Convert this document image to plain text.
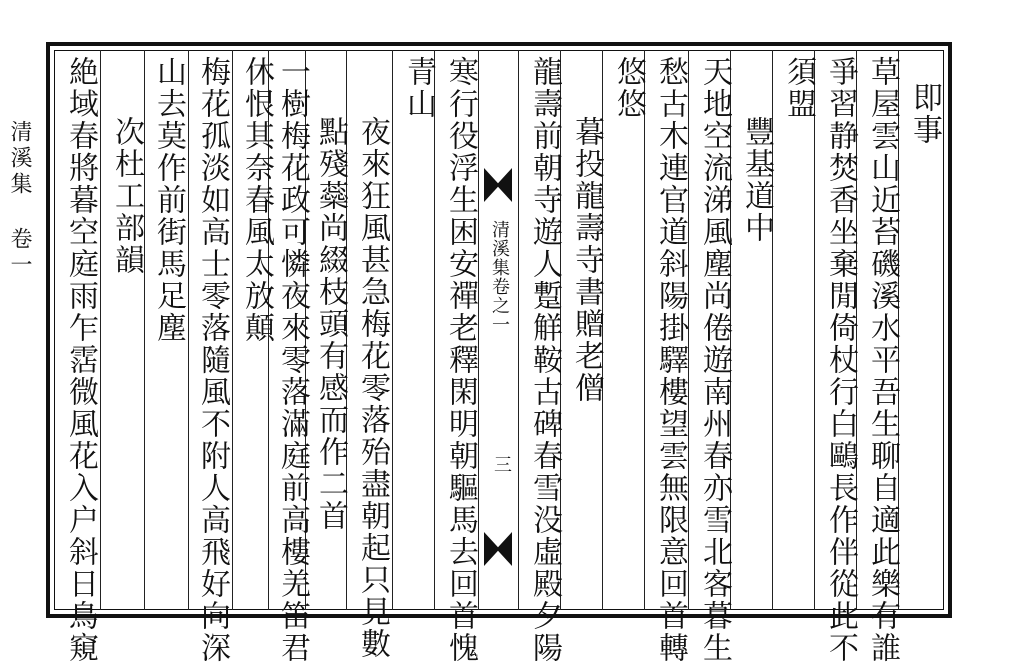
清溪集 卷一	清溪集卷之一
三
即事
草屋雲山近苔磯溪水平吾生聊自適此樂有誰
爭習静焚香坐棄閒倚杖行白鷗長作伴從此不
須盟
豐基道中
天地空流涕風塵尚倦遊南州春亦雪北客暮生
愁古木連官道斜陽掛驛樓望雲無限意回首轉
悠悠
暮投龍壽寺書贈老僧
龍壽前朝寺遊人蹔觧鞍古碑春雪没虛殿夕陽
寒行役浮生困安禪老釋閑明朝驅馬去回首愧
青山
夜來狂風甚急梅花零落殆盡朝起只見數
點殘蘂尚綴枝頭有感而作二首
一樹梅花政可憐夜來零落滿庭前高樓羌笛君
休恨其奈春風太放顛
梅花孤淡如高士零落隨風不附人高飛好向深
山去莫作前街馬足塵
次杜工部韻
絶域春將暮空庭雨乍霑微風花入户斜日鳥窺
